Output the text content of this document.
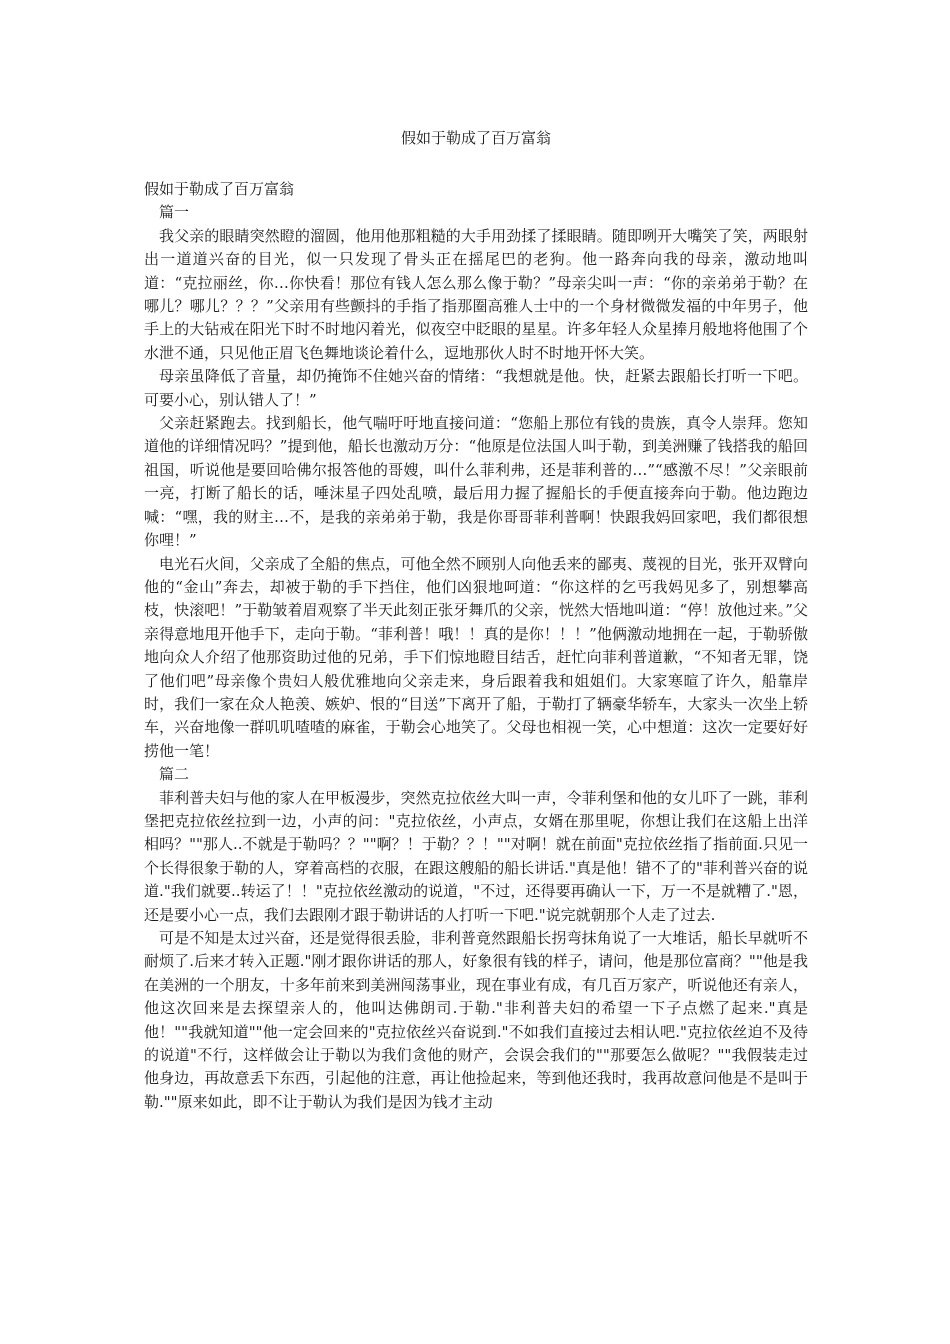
假如于勒成了百万富翁

假如于勒成了百万富翁

篇一

我父亲的眼睛突然瞪的溜圆，他用他那粗糙的大手用劲揉了揉眼睛。随即咧开大嘴笑了笑，两眼射出一道道兴奋的目光，似一只发现了骨头正在摇尾巴的老狗。他一路奔向我的母亲，激动地叫道：“克拉丽丝，你…你快看！那位有钱人怎么那么像于勒？”母亲尖叫一声：“你的亲弟弟于勒？在哪儿？哪儿？？？”父亲用有些颤抖的手指了指那圈高雅人士中的一个身材微微发福的中年男子，他手上的大钻戒在阳光下时不时地闪着光，似夜空中眨眼的星星。许多年轻人众星捧月般地将他围了个水泄不通，只见他正眉飞色舞地谈论着什么，逗地那伙人时不时地开怀大笑。

母亲虽降低了音量，却仍掩饰不住她兴奋的情绪：“我想就是他。快，赶紧去跟船长打听一下吧。可要小心，别认错人了！”

父亲赶紧跑去。找到船长，他气喘吁吁地直接问道：“您船上那位有钱的贵族，真令人崇拜。您知道他的详细情况吗？”提到他，船长也激动万分：“他原是位法国人叫于勒，到美洲赚了钱搭我的船回祖国，听说他是要回哈佛尔报答他的哥嫂，叫什么菲利弗，还是菲利普的…”“感激不尽！”父亲眼前一亮，打断了船长的话，唾沫星子四处乱喷，最后用力握了握船长的手便直接奔向于勒。他边跑边喊：“嘿，我的财主…不，是我的亲弟弟于勒，我是你哥哥菲利普啊！快跟我妈回家吧，我们都很想你哩！”

电光石火间，父亲成了全船的焦点，可他全然不顾别人向他丢来的鄙夷、蔑视的目光，张开双臂向他的“金山”奔去，却被于勒的手下挡住，他们凶狠地呵道：“你这样的乞丐我妈见多了，别想攀高枝，快滚吧！”于勒皱着眉观察了半天此刻正张牙舞爪的父亲，恍然大悟地叫道：“停！放他过来。”父亲得意地甩开他手下，走向于勒。“菲利普！哦！！真的是你！！！”他俩激动地拥在一起，于勒骄傲地向众人介绍了他那资助过他的兄弟，手下们惊地瞪目结舌，赶忙向菲利普道歉，“不知者无罪，饶了他们吧”母亲像个贵妇人般优雅地向父亲走来，身后跟着我和姐姐们。大家寒暄了许久，船靠岸时，我们一家在众人艳羡、嫉妒、恨的“目送”下离开了船，于勒打了辆豪华轿车，大家头一次坐上轿车，兴奋地像一群叽叽喳喳的麻雀，于勒会心地笑了。父母也相视一笑，心中想道：这次一定要好好捞他一笔！

篇二

菲利普夫妇与他的家人在甲板漫步，突然克拉依丝大叫一声，令菲利堡和他的女儿吓了一跳，菲利堡把克拉依丝拉到一边，小声的问："克拉依丝，小声点，女婿在那里呢，你想让我们在这船上出洋相吗？""那人..不就是于勒吗？？""啊？！于勒？？！""对啊！就在前面"克拉依丝指了指前面.只见一个长得很象于勒的人，穿着高档的衣服，在跟这艘船的船长讲话."真是他！错不了的"菲利普兴奋的说道."我们就要..转运了！！"克拉依丝激动的说道，"不过，还得要再确认一下，万一不是就糟了."恩，还是要小心一点，我们去跟刚才跟于勒讲话的人打听一下吧."说完就朝那个人走了过去.

可是不知是太过兴奋，还是觉得很丢脸，非利普竟然跟船长拐弯抹角说了一大堆话，船长早就听不耐烦了.后来才转入正题."刚才跟你讲话的那人，好象很有钱的样子，请问，他是那位富商？""他是我在美洲的一个朋友，十多年前来到美洲闯荡事业，现在事业有成，有几百万家产，听说他还有亲人，他这次回来是去探望亲人的，他叫达佛朗司.于勒."非利普夫妇的希望一下子点燃了起来."真是他！""我就知道""他一定会回来的"克拉依丝兴奋说到."不如我们直接过去相认吧."克拉依丝迫不及待的说道"不行，这样做会让于勒以为我们贪他的财产，会误会我们的""那要怎么做呢？""我假装走过他身边，再故意丢下东西，引起他的注意，再让他捡起来，等到他还我时，我再故意问他是不是叫于勒.""原来如此，即不让于勒认为我们是因为钱才主动
